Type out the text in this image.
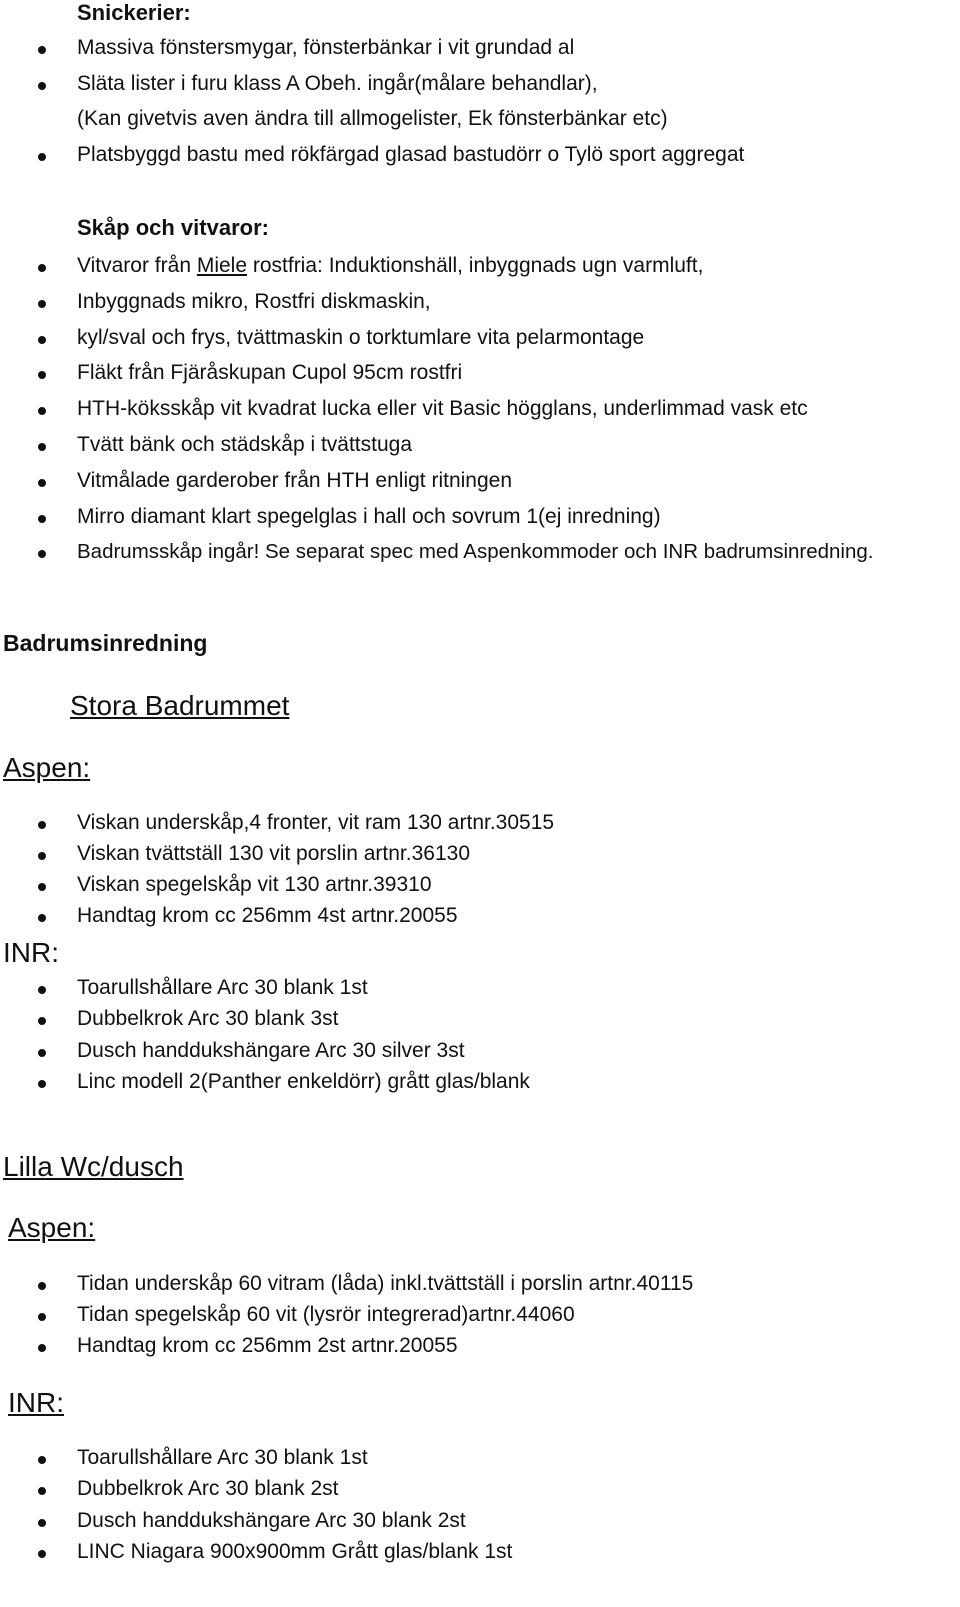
Snickerier:
Massiva fönstersmygar, fönsterbänkar i vit grundad al
Släta lister i furu klass A Obeh. ingår(målare behandlar),
(Kan givetvis aven ändra till allmogelister, Ek fönsterbänkar etc)
Platsbyggd bastu med rökfärgad glasad bastudörr o Tylö sport aggregat
Skåp och vitvaror:
Vitvaror från Miele rostfria: Induktionshäll, inbyggnads ugn varmluft,
Inbyggnads mikro, Rostfri diskmaskin,
kyl/sval och frys, tvättmaskin o torktumlare vita pelarmontage
Fläkt från Fjäråskupan Cupol 95cm rostfri
HTH-köksskåp vit kvadrat lucka eller vit Basic högglans, underlimmad vask etc
Tvätt bänk och städskåp i tvättstuga
Vitmålade garderober från HTH enligt ritningen
Mirro diamant klart spegelglas i hall och sovrum 1(ej inredning)
Badrumsskåp ingår! Se separat spec med Aspenkommoder och INR badrumsinredning.
Badrumsinredning
Stora Badrummet
Aspen:
Viskan underskåp,4 fronter, vit ram 130 artnr.30515
Viskan tvättställ 130 vit porslin artnr.36130
Viskan spegelskåp vit 130 artnr.39310
Handtag krom cc 256mm 4st artnr.20055
INR:
Toarullshållare Arc 30 blank 1st
Dubbelkrok Arc 30 blank 3st
Dusch handdukshängare Arc 30 silver 3st
Linc modell 2(Panther enkeldörr) grått glas/blank
Lilla Wc/dusch
Aspen:
Tidan underskåp 60 vitram (låda) inkl.tvättställ i porslin artnr.40115
Tidan spegelskåp 60 vit (lysrör integrerad)artnr.44060
Handtag krom cc 256mm 2st artnr.20055
INR:
Toarullshållare Arc 30 blank 1st
Dubbelkrok Arc 30 blank 2st
Dusch handdukshängare Arc 30 blank 2st
LINC Niagara 900x900mm Grått glas/blank 1st
